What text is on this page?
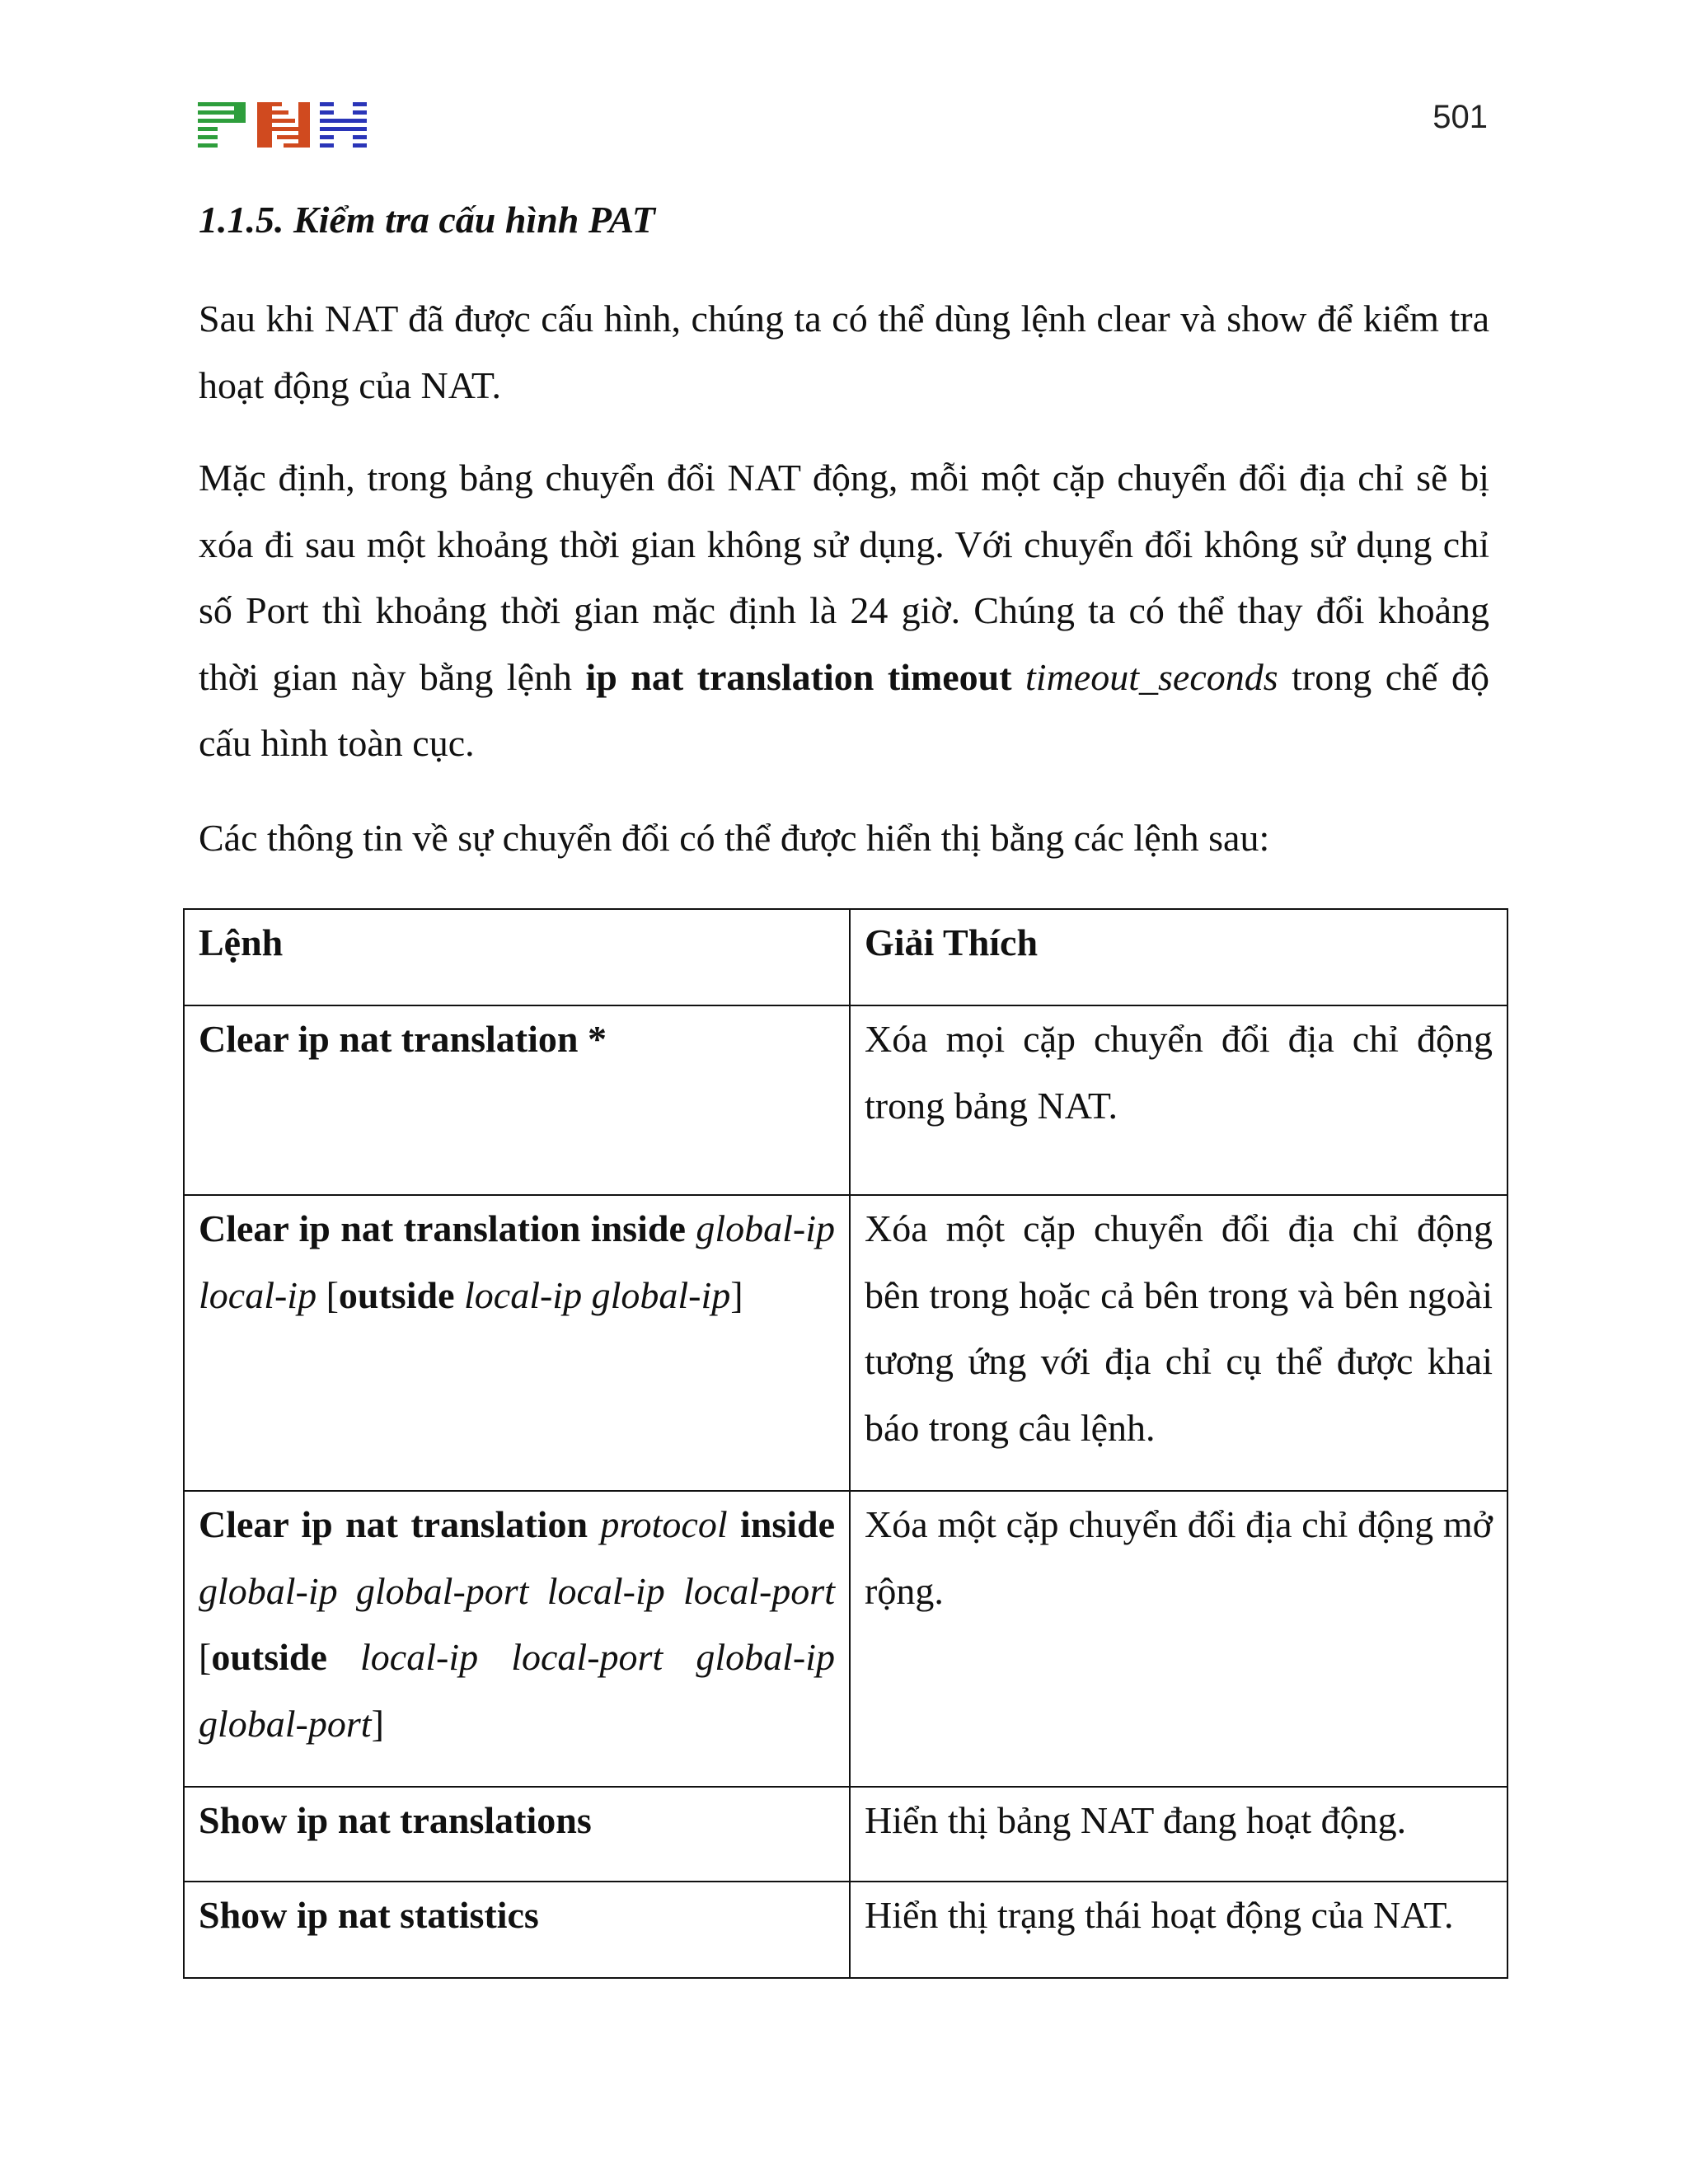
501
1.1.5. Kiểm tra cấu hình PAT
Sau khi NAT đã được cấu hình, chúng ta có thể dùng lệnh clear và show để kiểm tra hoạt động của NAT.
Mặc định, trong bảng chuyển đổi NAT động, mỗi một cặp chuyển đổi địa chỉ sẽ bị xóa đi sau một khoảng thời gian không sử dụng. Với chuyển đổi không sử dụng chỉ số Port thì khoảng thời gian mặc định là 24 giờ. Chúng ta có thể thay đổi khoảng thời gian này bằng lệnh ip nat translation timeout timeout_seconds trong chế độ cấu hình toàn cục.
Các thông tin về sự chuyển đổi có thể được hiển thị bằng các lệnh sau:
Lệnh	Giải Thích
Clear ip nat translation *	Xóa mọi cặp chuyển đổi địa chỉ động trong bảng NAT.
Clear ip nat translation inside global-ip local-ip [outside local-ip global-ip]	Xóa một cặp chuyển đổi địa chỉ động bên trong hoặc cả bên trong và bên ngoài tương ứng với địa chỉ cụ thể được khai báo trong câu lệnh.
Clear ip nat translation protocol inside global-ip global-port local-ip local-port [outside local-ip local-port global-ip global-port]	Xóa một cặp chuyển đổi địa chỉ động mở rộng.
Show ip nat translations	Hiển thị bảng NAT đang hoạt động.
Show ip nat statistics	Hiển thị trạng thái hoạt động của NAT.
